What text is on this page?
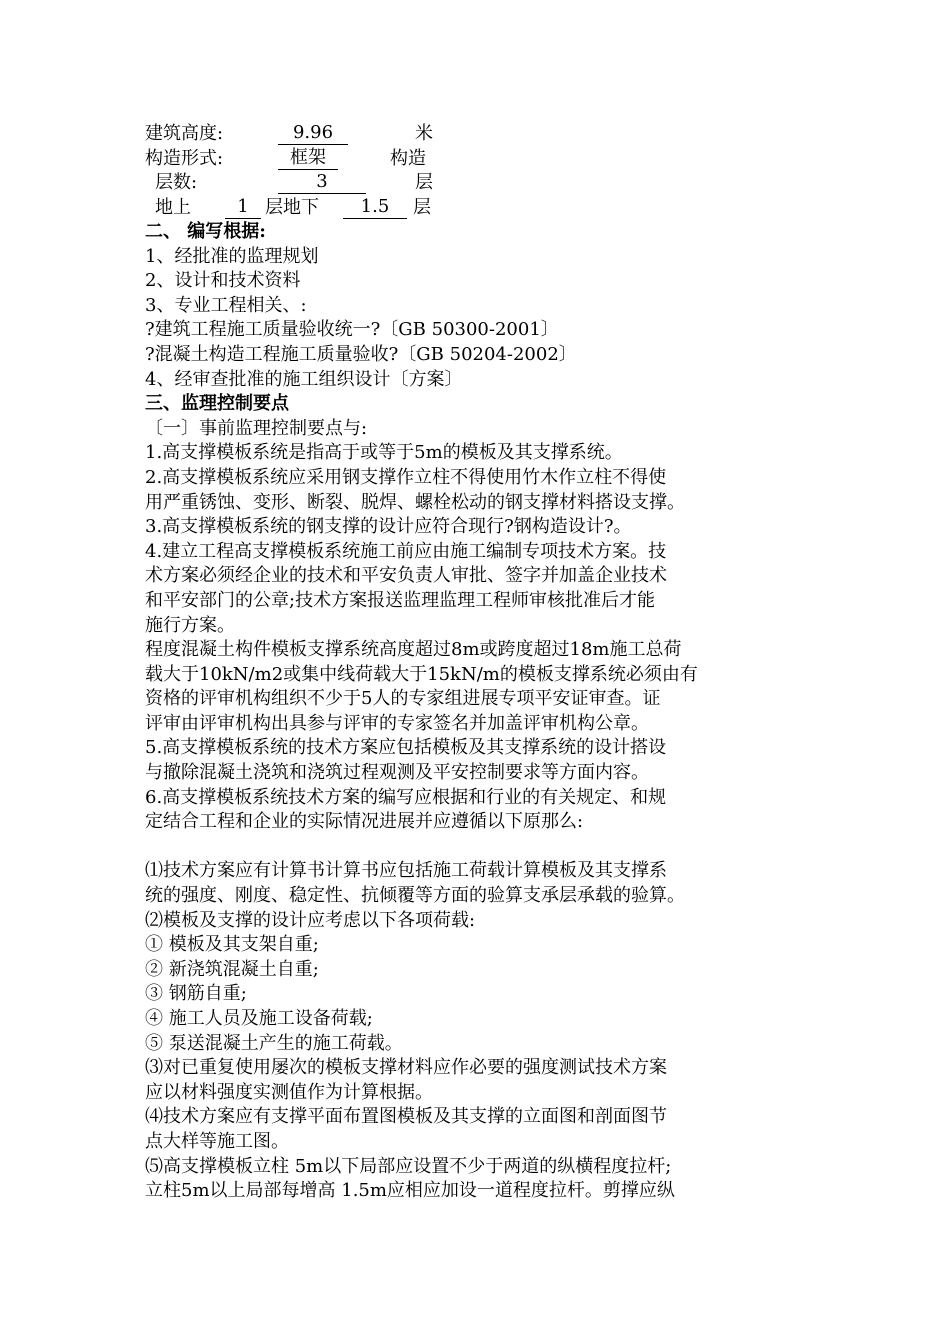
建筑高度:	9.96	米
构造形式:	框架	构造
层数:	3	层
地上	1 层地下	1.5	层
二、 编写根据:
1、经批准的监理规划
2、设计和技术资料
3、专业工程相关、:
?建筑工程施工质量验收统一?〔GB 50300-2001〕
?混凝土构造工程施工质量验收?〔GB 50204-2002〕
4、经审查批准的施工组织设计〔方案〕
三、监理控制要点
〔一〕事前监理控制要点与:
1.高支撑模板系统是指高于或等于5m的模板及其支撑系统。
2.高支撑模板系统应采用钢支撑作立柱不得使用竹木作立柱不得使
用严重锈蚀、变形、断裂、脱焊、螺栓松动的钢支撑材料搭设支撑。
3.高支撑模板系统的钢支撑的设计应符合现行?钢构造设计?。
4.建立工程高支撑模板系统施工前应由施工编制专项技术方案。技
术方案必须经企业的技术和平安负责人审批、签字并加盖企业技术
和平安部门的公章;技术方案报送监理监理工程师审核批准后才能
施行方案。
程度混凝土构件模板支撑系统高度超过8m或跨度超过18m施工总荷
载大于10kN/m2或集中线荷载大于15kN/m的模板支撑系统必须由有
资格的评审机构组织不少于5人的专家组进展专项平安证审查。证
评审由评审机构出具参与评审的专家签名并加盖评审机构公章。
5.高支撑模板系统的技术方案应包括模板及其支撑系统的设计搭设
与撤除混凝土浇筑和浇筑过程观测及平安控制要求等方面内容。
6.高支撑模板系统技术方案的编写应根据和行业的有关规定、和规
定结合工程和企业的实际情况进展并应遵循以下原那么:
⑴技术方案应有计算书计算书应包括施工荷载计算模板及其支撑系
统的强度、刚度、稳定性、抗倾覆等方面的验算支承层承载的验算。
⑵模板及支撑的设计应考虑以下各项荷载:
① 模板及其支架自重;
② 新浇筑混凝土自重;
③ 钢筋自重;
④ 施工人员及施工设备荷载;
⑤ 泵送混凝土产生的施工荷载。
⑶对已重复使用屡次的模板支撑材料应作必要的强度测试技术方案
应以材料强度实测值作为计算根据。
⑷技术方案应有支撑平面布置图模板及其支撑的立面图和剖面图节
点大样等施工图。
⑸高支撑模板立柱 5m以下局部应设置不少于两道的纵横程度拉杆;
立柱5m以上局部每增高 1.5m应相应加设一道程度拉杆。剪撑应纵
